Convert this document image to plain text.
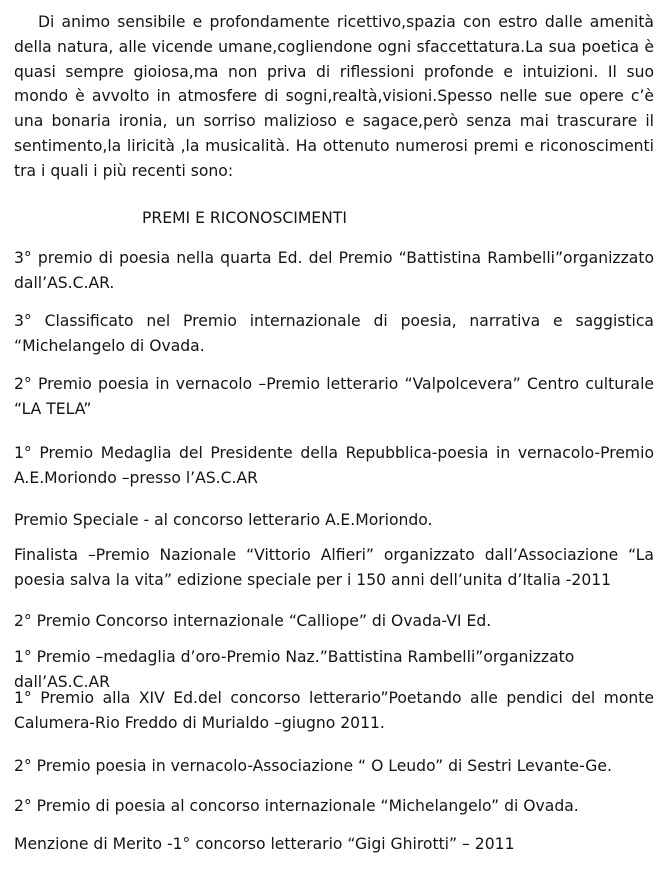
Di animo sensibile e profondamente ricettivo,spazia con estro dalle amenità della natura, alle vicende umane,cogliendone ogni sfaccettatura.La sua poetica è quasi sempre gioiosa,ma non priva di riflessioni profonde e intuizioni. Il suo mondo è avvolto in atmosfere di sogni,realtà,visioni.Spesso nelle sue opere c’è una bonaria ironia, un sorriso malizioso e sagace,però senza mai trascurare il sentimento,la liricità ,la musicalità. Ha ottenuto numerosi premi e riconoscimenti tra i quali i più recenti sono:

PREMI E RICONOSCIMENTI

3° premio di poesia nella quarta Ed. del Premio “Battistina Rambelli”organizzato dall’AS.C.AR.

3° Classificato nel Premio internazionale di poesia, narrativa e saggistica “Michelangelo di Ovada.

2° Premio poesia in vernacolo –Premio letterario “Valpolcevera” Centro culturale “LA TELA”

1° Premio Medaglia del Presidente della Repubblica-poesia in vernacolo-Premio A.E.Moriondo –presso l’AS.C.AR

Premio Speciale - al concorso letterario A.E.Moriondo.

Finalista –Premio Nazionale “Vittorio Alfieri” organizzato dall’Associazione “La poesia salva la vita” edizione speciale per i 150 anni dell’unita d’Italia -2011

2° Premio Concorso internazionale “Calliope” di Ovada-VI Ed.

1° Premio –medaglia d’oro-Premio Naz.”Battistina Rambelli”organizzato dall’AS.C.AR

1° Premio alla XIV Ed.del concorso letterario”Poetando alle pendici del monte Calumera-Rio Freddo di Murialdo –giugno 2011.

2° Premio poesia in vernacolo-Associazione “ O Leudo” di Sestri Levante-Ge.

2° Premio di poesia al concorso internazionale “Michelangelo” di Ovada.

Menzione di Merito -1° concorso letterario “Gigi Ghirotti” – 2011
